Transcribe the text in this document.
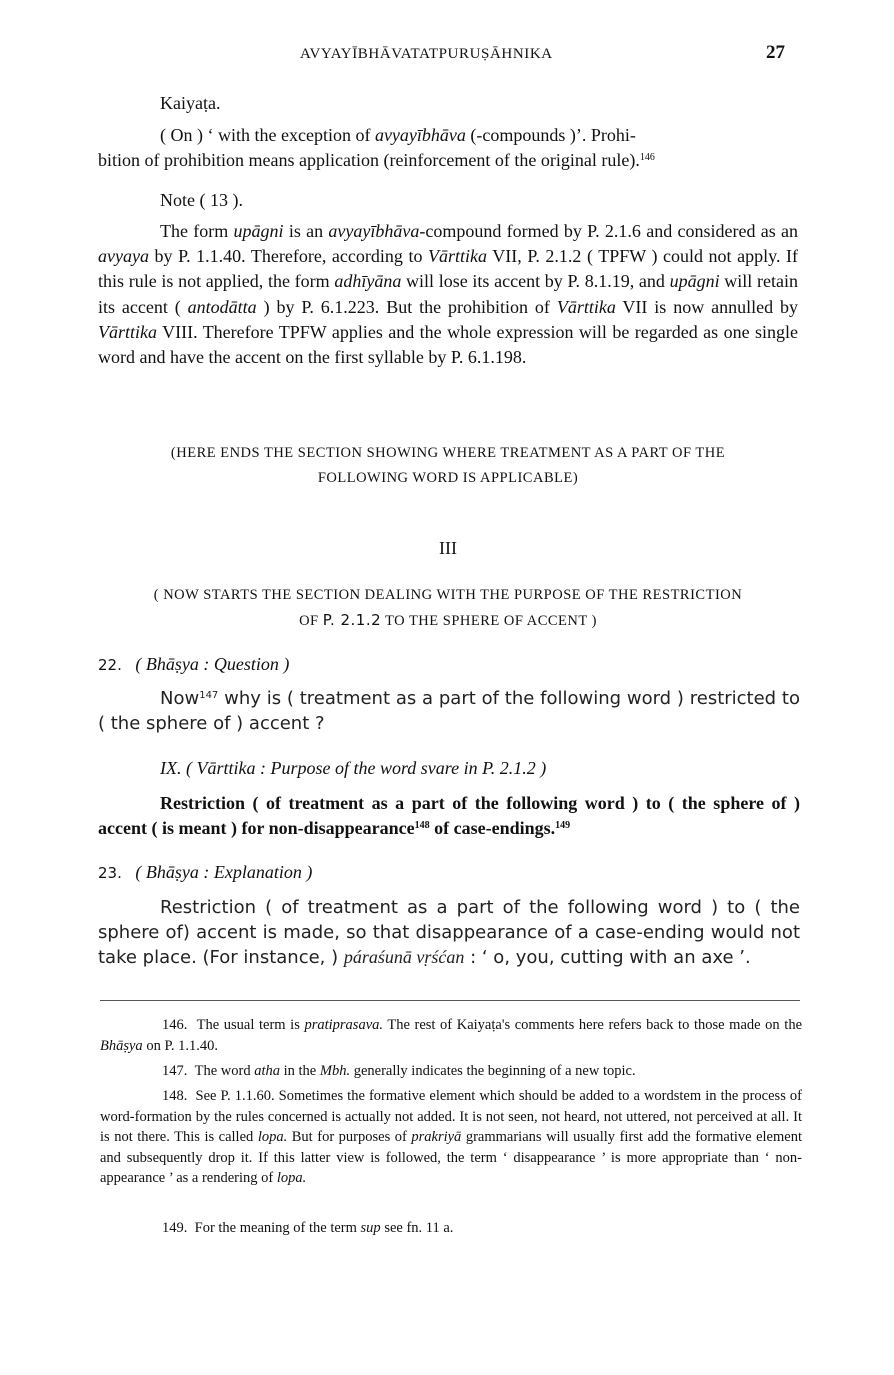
AVYAYĪBHĀVATATPURUṢĀHNIKA	27
Kaiyaṭa.
( On ) ‘ with the exception of avyayībhāva (-compounds )’. Prohi-
bition of prohibition means application (reinforcement of the original rule).$^{146}$
Note ( 13 ).
The form upāgni is an avyayībhāva-compound formed by P. 2.1.6 and considered as an avyaya by P. 1.1.40. Therefore, according to Vārttika VII, P. 2.1.2 ( TPFW ) could not apply. If this rule is not applied, the form adhīyāna will lose its accent by P. 8.1.19, and upāgni will retain its accent ( antodātta ) by P. 6.1.223. But the prohibition of Vārttika VII is now annulled by Vārttika VIII. Therefore TPFW applies and the whole expression will be regarded as one single word and have the accent on the first syllable by P. 6.1.198.
(HERE ENDS THE SECTION SHOWING WHERE TREATMENT AS A PART OF THE
FOLLOWING WORD IS APPLICABLE)
III
( NOW STARTS THE SECTION DEALING WITH THE PURPOSE OF THE RESTRICTION
OF P. 2.1.2 TO THE SPHERE OF ACCENT )
22. ( Bhāṣya : Question )
Now$^{147}$ why is ( treatment as a part of the following word ) restricted to ( the sphere of ) accent ?
IX. ( Vārttika : Purpose of the word svare in P. 2.1.2 )
Restriction ( of treatment as a part of the following word ) to ( the sphere of ) accent ( is meant ) for non-disappearance$^{148}$ of case-endings.$^{149}$
23. ( Bhāṣya : Explanation )
Restriction ( of treatment as a part of the following word ) to ( the sphere of) accent is made, so that disappearance of a case-ending would not take place. (For instance, ) páraśunā vṛśćan : ‘ o, you, cutting with an axe ’.
146. The usual term is pratiprasava. The rest of Kaiyaṭa's comments here refers back to those made on the Bhāṣya on P. 1.1.40.
147. The word atha in the Mbh. generally indicates the beginning of a new topic.
148. See P. 1.1.60. Sometimes the formative element which should be added to a wordstem in the process of word-formation by the rules concerned is actually not added. It is not seen, not heard, not uttered, not perceived at all. It is not there. This is called lopa. But for purposes of prakriyā grammarians will usually first add the formative element and subsequently drop it. If this latter view is followed, the term ‘ disappearance ’ is more appropriate than ‘ non-appearance ’ as a rendering of lopa.
149. For the meaning of the term sup see fn. 11 a.
